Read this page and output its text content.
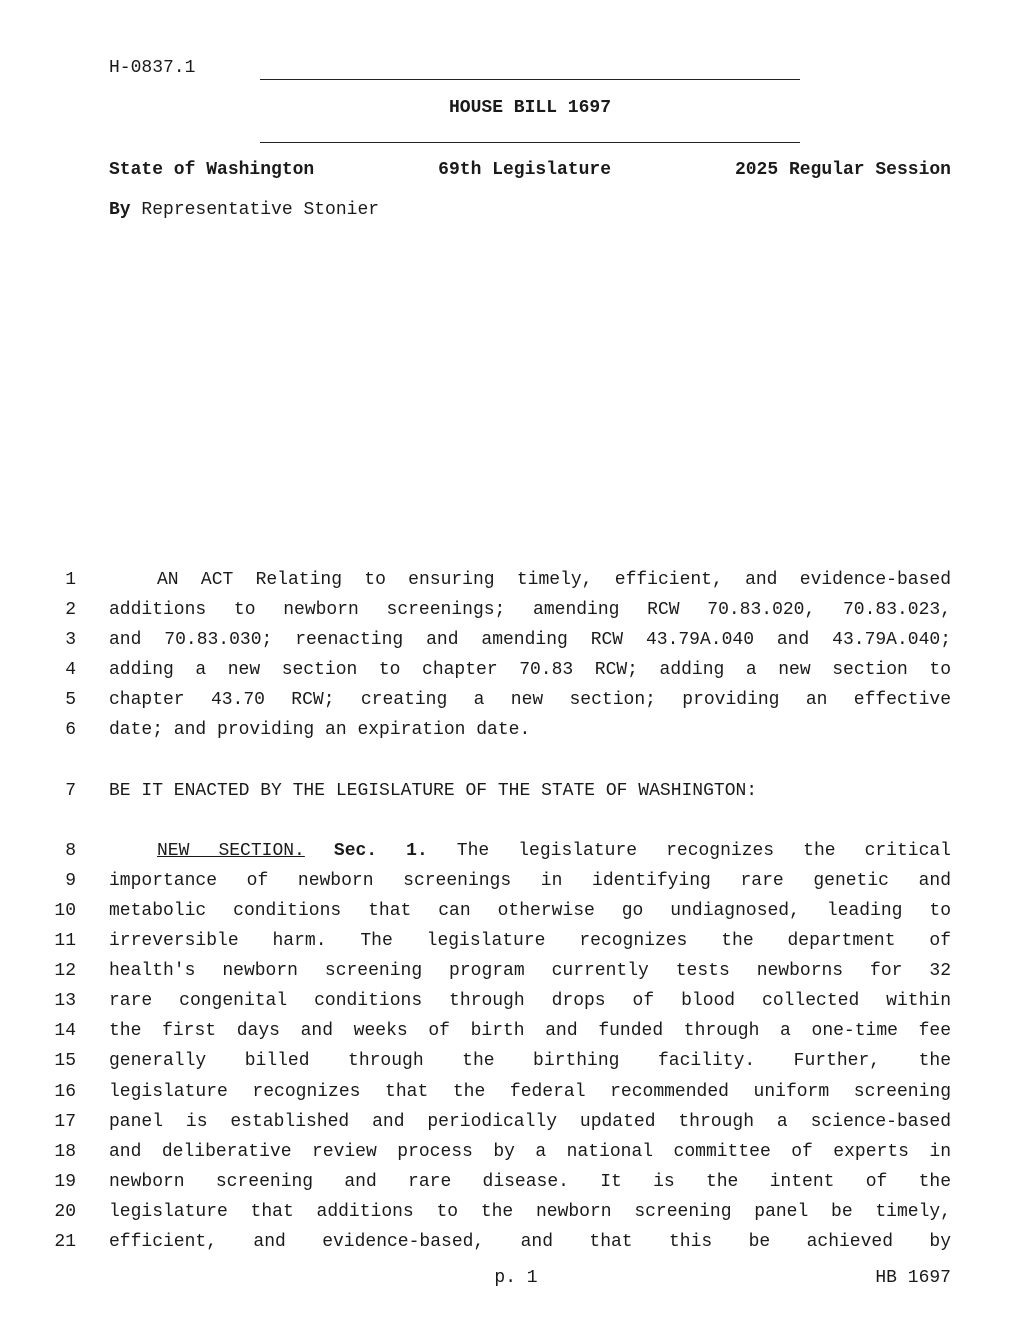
H-0837.1
HOUSE BILL 1697
State of Washington	69th Legislature	2025 Regular Session
By Representative Stonier
1	AN ACT Relating to ensuring timely, efficient, and evidence-based
2 additions to newborn screenings; amending RCW 70.83.020, 70.83.023,
3 and 70.83.030; reenacting and amending RCW 43.79A.040 and 43.79A.040;
4 adding a new section to chapter 70.83 RCW; adding a new section to
5 chapter 43.70 RCW; creating a new section; providing an effective
6 date; and providing an expiration date.
7 BE IT ENACTED BY THE LEGISLATURE OF THE STATE OF WASHINGTON:
8	NEW SECTION. Sec. 1. The legislature recognizes the critical
9 importance of newborn screenings in identifying rare genetic and
10 metabolic conditions that can otherwise go undiagnosed, leading to
11 irreversible harm. The legislature recognizes the department of
12 health's newborn screening program currently tests newborns for 32
13 rare congenital conditions through drops of blood collected within
14 the first days and weeks of birth and funded through a one-time fee
15 generally billed through the birthing facility. Further, the
16 legislature recognizes that the federal recommended uniform screening
17 panel is established and periodically updated through a science-based
18 and deliberative review process by a national committee of experts in
19 newborn screening and rare disease. It is the intent of the
20 legislature that additions to the newborn screening panel be timely,
21 efficient, and evidence-based, and that this be achieved by
p. 1	HB 1697
